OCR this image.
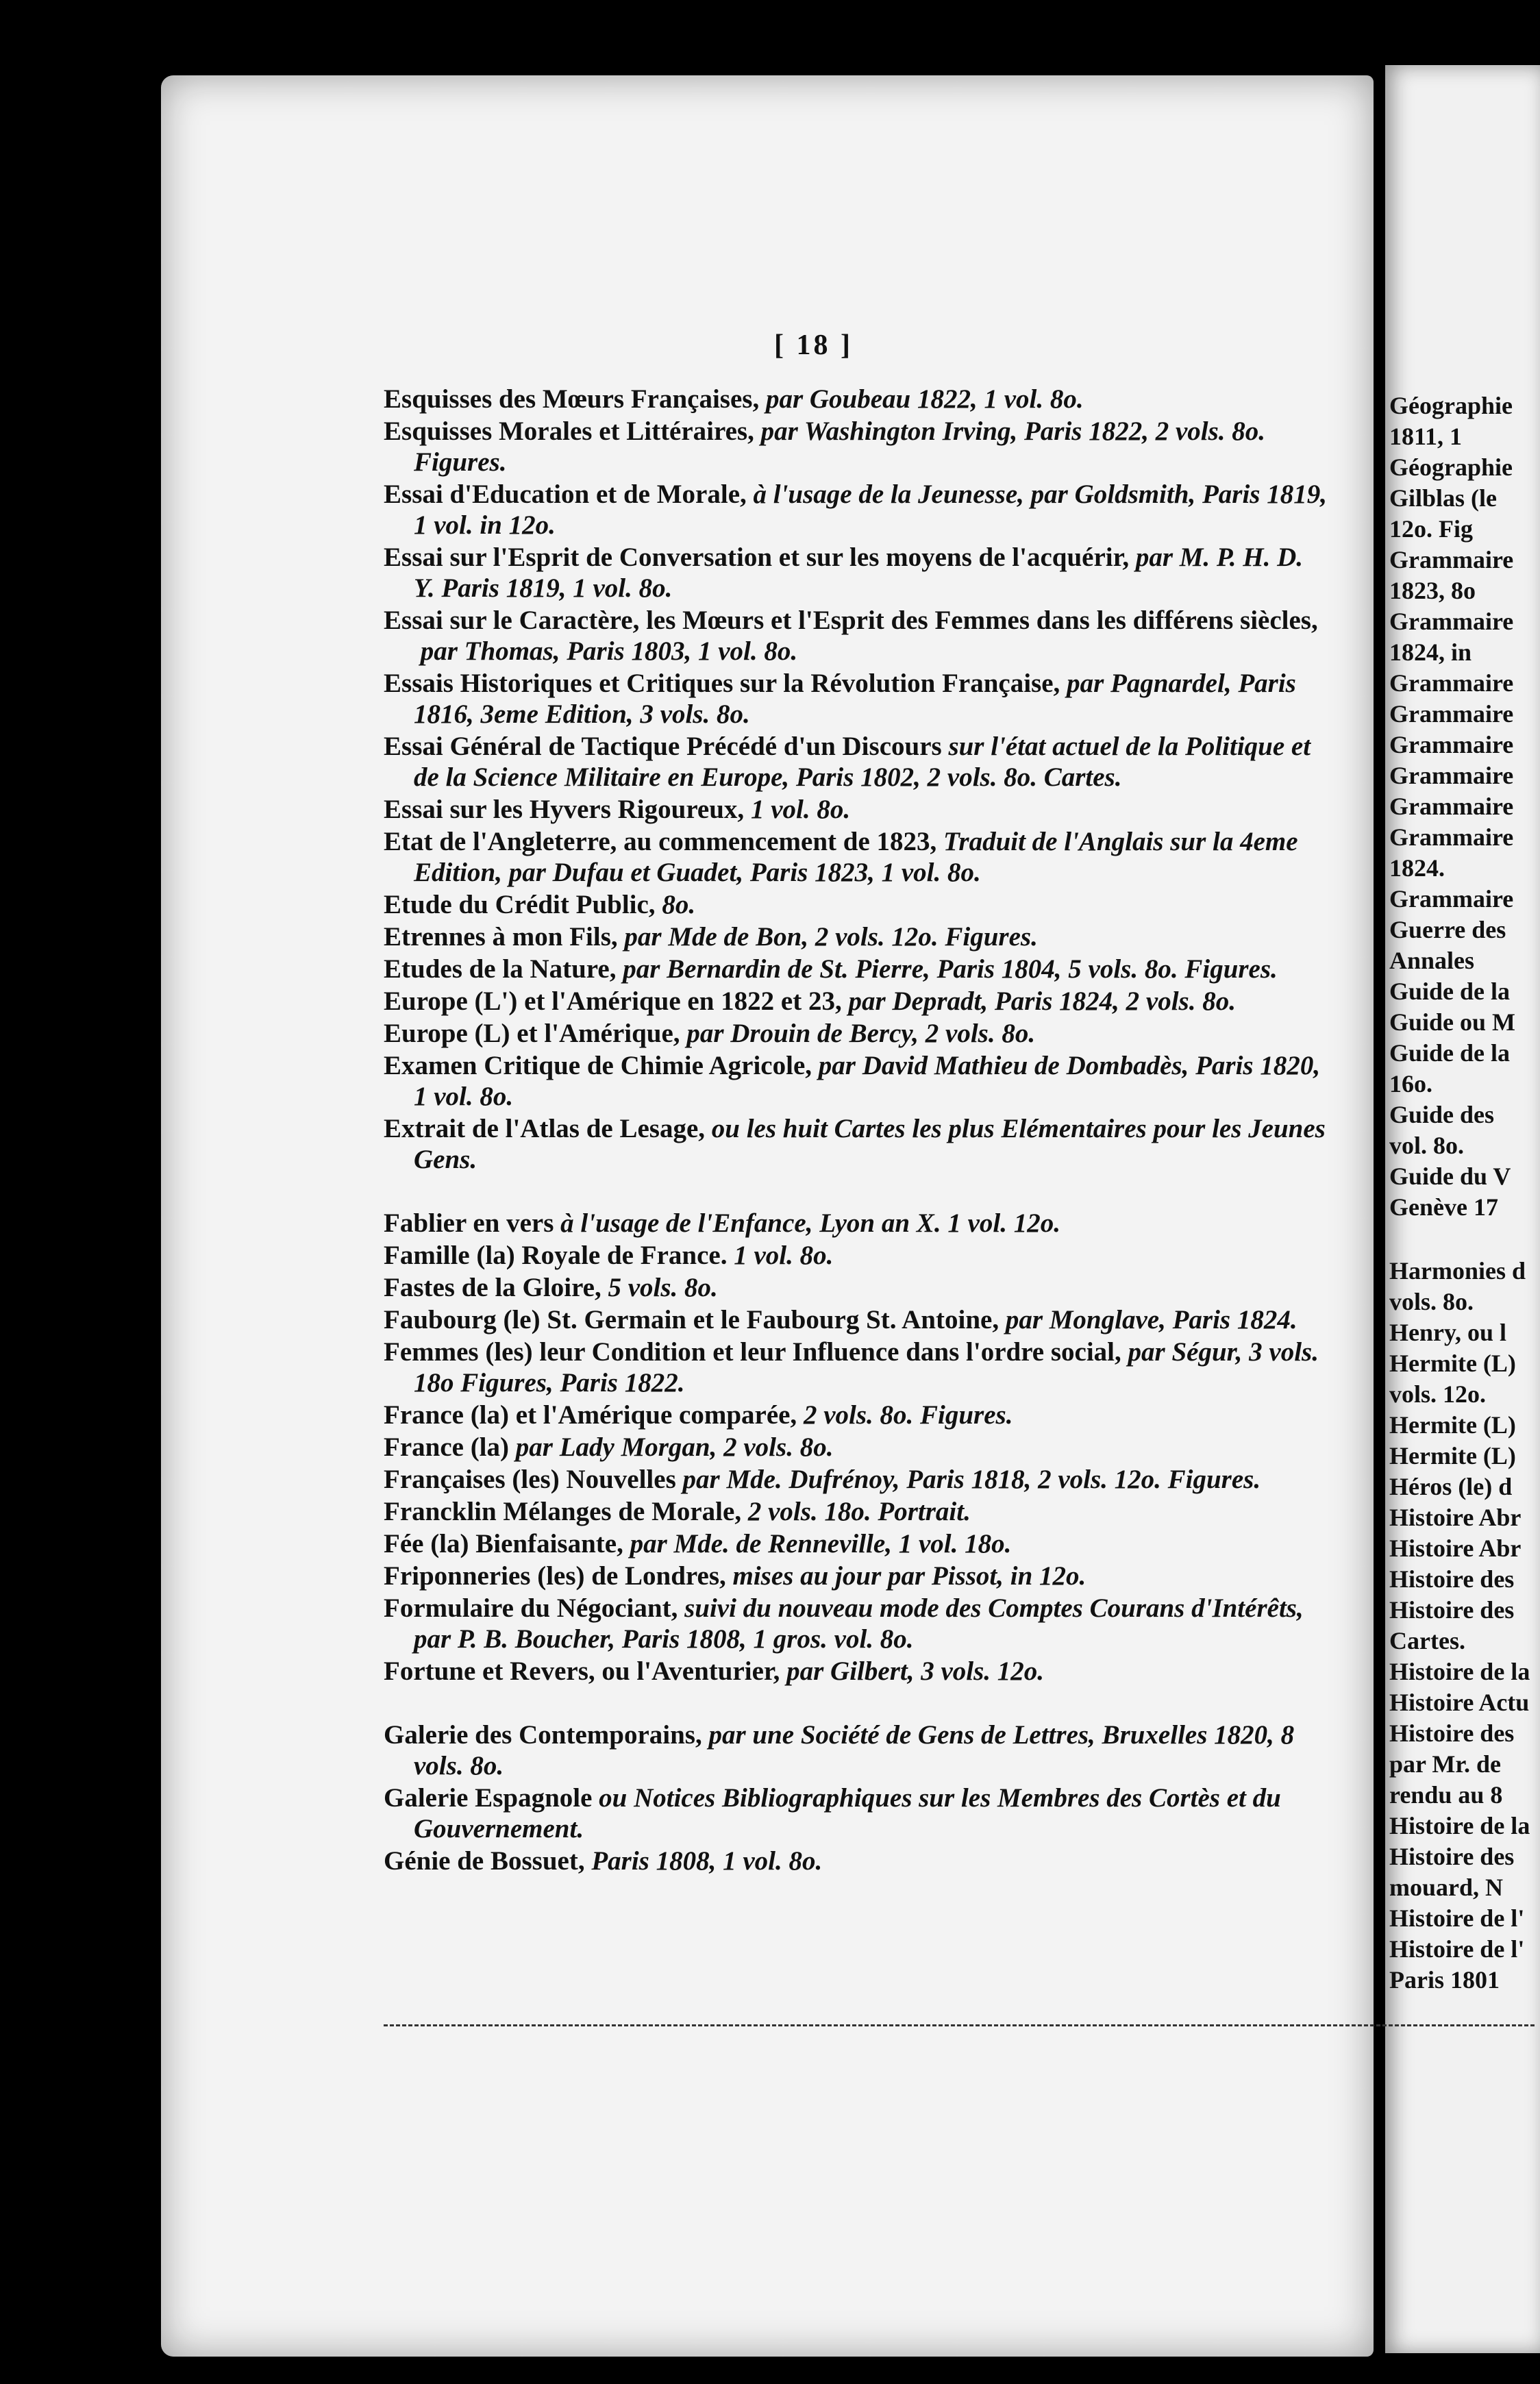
[ 18 ]
Esquisses des Mœurs Françaises, par Goubeau 1822, 1 vol. 8o.
Esquisses Morales et Littéraires, par Washington Irving, Paris 1822, 2 vols. 8o. Figures.
Essai d'Education et de Morale, à l'usage de la Jeunesse, par Goldsmith, Paris 1819, 1 vol. in 12o.
Essai sur l'Esprit de Conversation et sur les moyens de l'acquérir, par M. P. H. D. Y. Paris 1819, 1 vol. 8o.
Essai sur le Caractère, les Mœurs et l'Esprit des Femmes dans les différens siècles, par Thomas, Paris 1803, 1 vol. 8o.
Essais Historiques et Critiques sur la Révolution Française, par Pagnardel, Paris 1816, 3eme Edition, 3 vols. 8o.
Essai Général de Tactique Précédé d'un Discours sur l'état actuel de la Politique et de la Science Militaire en Europe, Paris 1802, 2 vols. 8o. Cartes.
Essai sur les Hyvers Rigoureux, 1 vol. 8o.
Etat de l'Angleterre, au commencement de 1823, Traduit de l'Anglais sur la 4eme Edition, par Dufau et Guadet, Paris 1823, 1 vol. 8o.
Etude du Crédit Public, 8o.
Etrennes à mon Fils, par Mde de Bon, 2 vols. 12o. Figures.
Etudes de la Nature, par Bernardin de St. Pierre, Paris 1804, 5 vols. 8o. Figures.
Europe (L') et l'Amérique en 1822 et 23, par Depradt, Paris 1824, 2 vols. 8o.
Europe (L) et l'Amérique, par Drouin de Bercy, 2 vols. 8o.
Examen Critique de Chimie Agricole, par David Mathieu de Dombadès, Paris 1820, 1 vol. 8o.
Extrait de l'Atlas de Lesage, ou les huit Cartes les plus Elémentaires pour les Jeunes Gens.
Fablier en vers à l'usage de l'Enfance, Lyon an X. 1 vol. 12o.
Famille (la) Royale de France. 1 vol. 8o.
Fastes de la Gloire, 5 vols. 8o.
Faubourg (le) St. Germain et le Faubourg St. Antoine, par Monglave, Paris 1824.
Femmes (les) leur Condition et leur Influence dans l'ordre social, par Ségur, 3 vols. 18o Figures, Paris 1822.
France (la) et l'Amérique comparée, 2 vols. 8o. Figures.
France (la) par Lady Morgan, 2 vols. 8o.
Françaises (les) Nouvelles par Mde. Dufrénoy, Paris 1818, 2 vols. 12o. Figures.
Francklin Mélanges de Morale, 2 vols. 18o. Portrait.
Fée (la) Bienfaisante, par Mde. de Renneville, 1 vol. 18o.
Friponneries (les) de Londres, mises au jour par Pissot, in 12o.
Formulaire du Négociant, suivi du nouveau mode des Comptes Courans d'Intérêts, par P. B. Boucher, Paris 1808, 1 gros. vol. 8o.
Fortune et Revers, ou l'Aventurier, par Gilbert, 3 vols. 12o.
Galerie des Contemporains, par une Société de Gens de Lettres, Bruxelles 1820, 8 vols. 8o.
Galerie Espagnole ou Notices Bibliographiques sur les Membres des Cortès et du Gouvernement.
Génie de Bossuet, Paris 1808, 1 vol. 8o.
Géographie
1811, 1
Géographie
Gilblas (le
12o. Fig
Grammaire
1823, 8o
Grammaire
1824, in
Grammaire
Grammaire
Grammaire
Grammaire
Grammaire
Grammaire
1824.
Grammaire
Guerre des
Annales
Guide de la
Guide ou M
Guide de la
16o.
Guide des
vol. 8o.
Guide du V
Genève 17
Harmonies d
vols. 8o.
Henry, ou l
Hermite (L)
vols. 12o.
Hermite (L)
Hermite (L)
Héros (le) d
Histoire Abr
Histoire Abr
Histoire des
Histoire des
Cartes.
Histoire de la
Histoire Actu
Histoire des
par Mr. de
rendu au 8
Histoire de la
Histoire des
mouard, N
Histoire de l'
Histoire de l'
Paris 1801
